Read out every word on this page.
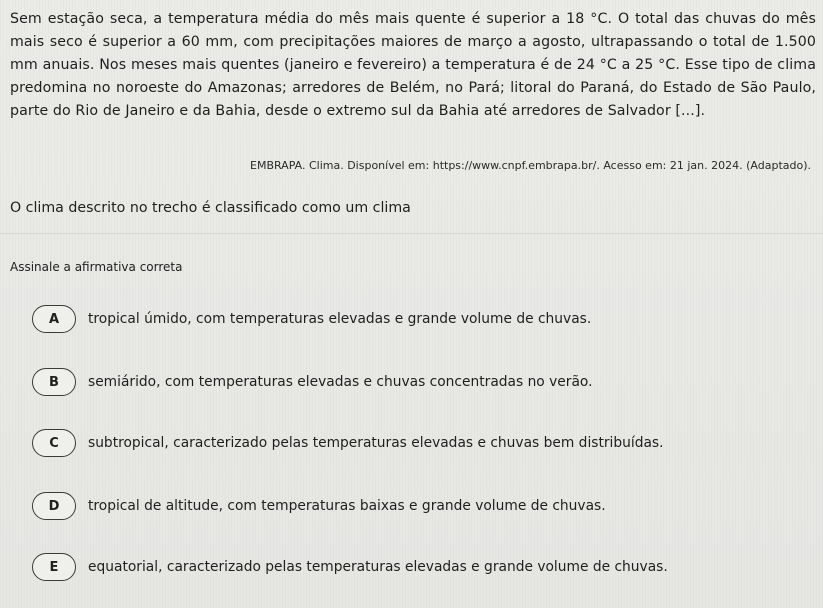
Sem estação seca, a temperatura média do mês mais quente é superior a 18 °C. O total das chuvas do mês mais seco é superior a 60 mm, com precipitações maiores de março a agosto, ultrapassando o total de 1.500 mm anuais. Nos meses mais quentes (janeiro e fevereiro) a temperatura é de 24 °C a 25 °C. Esse tipo de clima predomina no noroeste do Amazonas; arredores de Belém, no Pará; litoral do Paraná, do Estado de São Paulo, parte do Rio de Janeiro e da Bahia, desde o extremo sul da Bahia até arredores de Salvador [...].
EMBRAPA. Clima. Disponível em: https://www.cnpf.embrapa.br/. Acesso em: 21 jan. 2024. (Adaptado).
O clima descrito no trecho é classificado como um clima
Assinale a afirmativa correta
A	tropical úmido, com temperaturas elevadas e grande volume de chuvas.
B	semiárido, com temperaturas elevadas e chuvas concentradas no verão.
C	subtropical, caracterizado pelas temperaturas elevadas e chuvas bem distribuídas.
D	tropical de altitude, com temperaturas baixas e grande volume de chuvas.
E	equatorial, caracterizado pelas temperaturas elevadas e grande volume de chuvas.
